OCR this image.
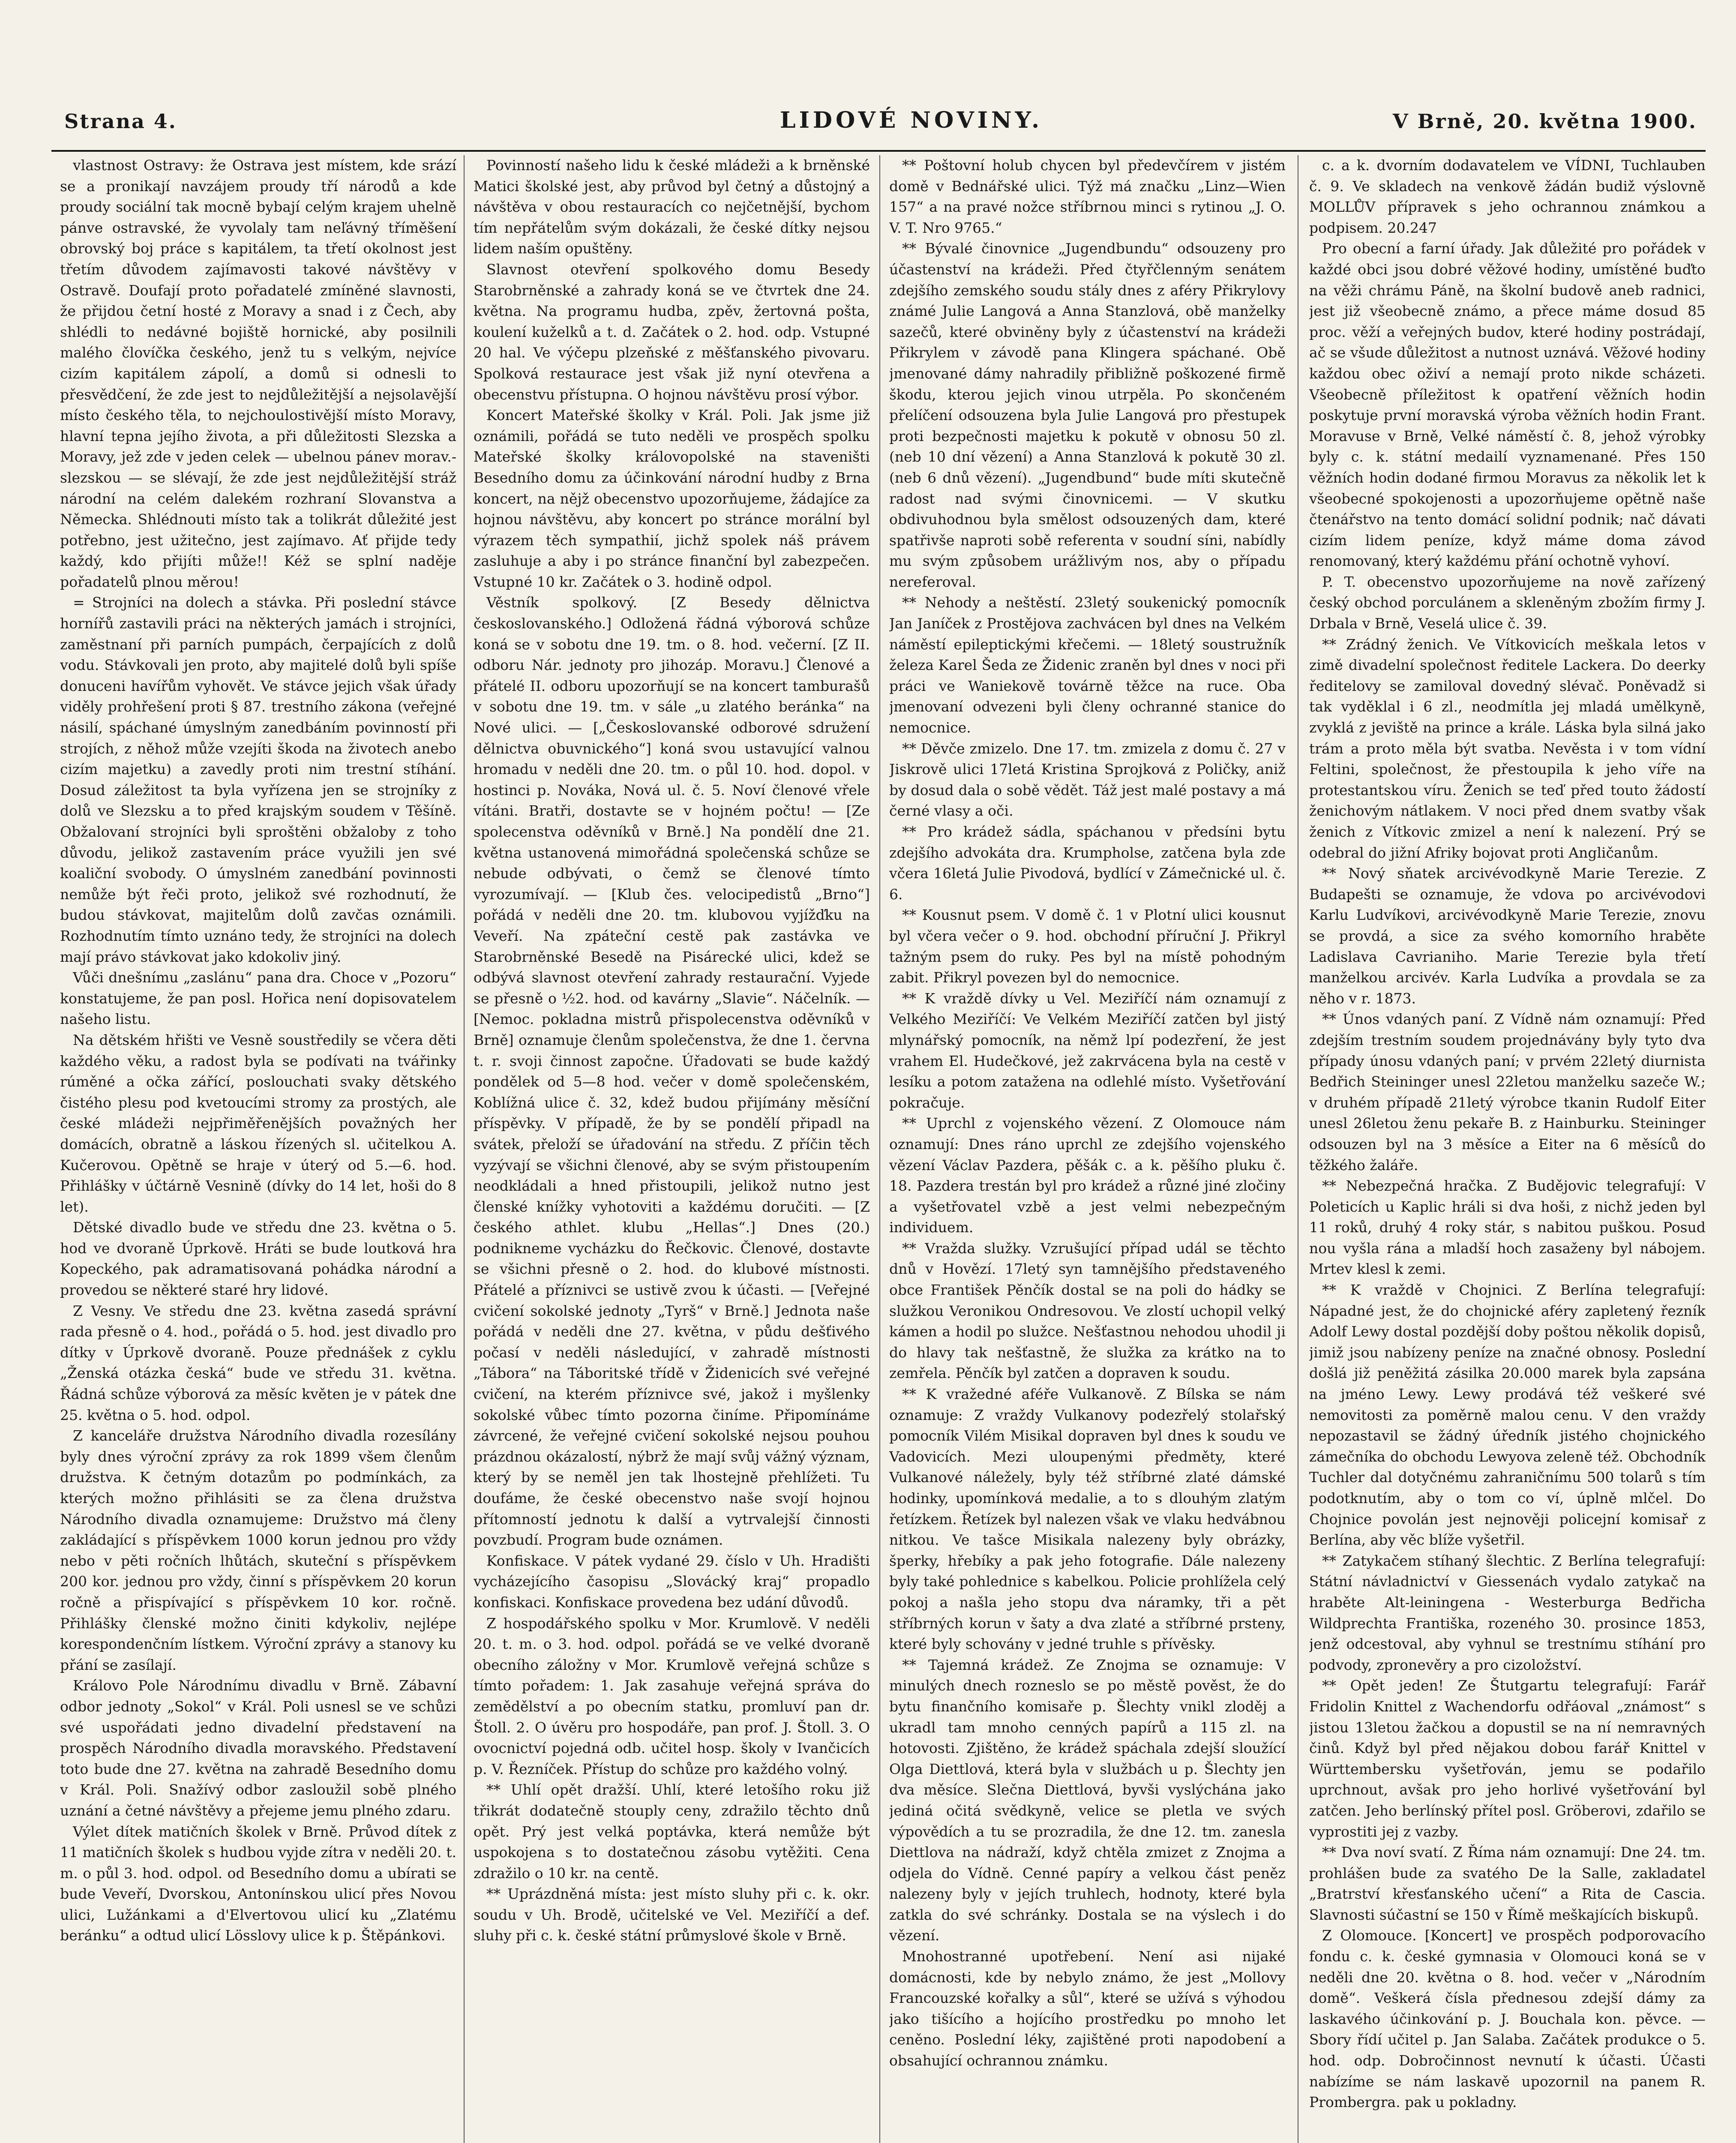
Strana 4.	LIDOVÉ NOVINY.	V Brně, 20. května 1900.

vlastnost Ostravy: že Ostrava jest místem, kde srází se a pronikají navzájem proudy tří národů a kde proudy sociální tak mocně bybají celým krajem uhelně pánve ostravské, že vyvolaly tam neľávný tříměšení obrovský boj práce s kapitálem, ta třetí okolnost jest třetím důvodem zajímavosti takové návštěvy v Ostravě. Doufají proto pořadatelé zmíněné slavnosti, že přijdou četní hosté z Moravy a snad i z Čech, aby shlédli to nedávné bojiště hornické, aby posilnili malého človíčka českého, jenž tu s velkým, nejvíce cizím kapitálem zápolí, a domů si odnesli to přesvědčení, že zde jest to nejdůležitější a nejsolavější místo českého těla, to nejchoulostivější místo Moravy, hlavní tepna jejího života, a při důležitosti Slezska a Moravy, jež zde v jeden celek — ubelnou pánev morav.-slezskou — se slévají, že zde jest nejdůležitější stráž národní na celém dalekém rozhraní Slovanstva a Německa. Shlédnouti místo tak a tolikrát důležité jest potřebno, jest užitečno, jest zajímavo. Ať přijde tedy každý, kdo přijíti může!! Kéž se splní naděje pořadatelů plnou měrou!

= Strojníci na dolech a stávka. Při poslední stávce hornířů zastavili práci na některých jamách i strojníci, zaměstnaní při parních pumpách, čerpajících z dolů vodu. Stávkovali jen proto, aby majitelé dolů byli spíše donuceni havířům vyhovět. Ve stávce jejich však úřady viděly prohřešení proti § 87. trestního zákona (veřejné násilí, spáchané úmyslným zanedbáním povinností při strojích, z něhož může vzejíti škoda na životech anebo cizím majetku) a zavedly proti nim trestní stíhání. Dosud záležitost ta byla vyřízena jen se strojníky z dolů ve Slezsku a to před krajským soudem v Těšíně. Obžalovaní strojníci byli sproštěni obžaloby z toho důvodu, jelikož zastavením práce využili jen své koaliční svobody. O úmyslném zanedbání povinnosti nemůže být řeči proto, jelikož své rozhodnutí, že budou stávkovat, majitelům dolů zavčas oznámili. Rozhodnutím tímto uznáno tedy, že strojníci na dolech mají právo stávkovat jako kdokoliv jiný.

Vůči dnešnímu „zaslánu“ pana dra. Choce v „Pozoru“ konstatujeme, že pan posl. Hořica není dopisovatelem našeho listu.

Na dětském hřišti ve Vesně soustředily se včera děti každého věku, a radost byla se podívati na tvářinky rúměné a očka zářící, poslouchati svaky dětského čistého plesu pod kvetoucími stromy za prostých, ale české mládeži nejpřiměřenějších považných her domácích, obratně a láskou řízených sl. učitelkou A. Kučerovou. Opětně se hraje v úterý od 5.—6. hod. Přihlášky v účtárně Vesnině (dívky do 14 let, hoši do 8 let).

Dětské divadlo bude ve středu dne 23. května o 5. hod ve dvoraně Úprkově. Hráti se bude loutková hra Kopeckého, pak adramatisovaná pohádka národní a provedou se některé staré hry lidové.

Z Vesny. Ve středu dne 23. května zasedá správní rada přesně o 4. hod., pořádá o 5. hod. jest divadlo pro dítky v Úprkově dvoraně. Pouze přednášek z cyklu „Ženská otázka česká“ bude ve středu 31. května. Řádná schůze výborová za měsíc květen je v pátek dne 25. května o 5. hod. odpol.

Z kanceláře družstva Národního divadla rozesílány byly dnes výroční zprávy za rok 1899 všem členům družstva. K četným dotazům po podmínkách, za kterých možno přihlásiti se za člena družstva Národního divadla oznamujeme: Družstvo má členy zakládající s příspěvkem 1000 korun jednou pro vždy nebo v pěti ročních lhůtách, skuteční s příspěvkem 200 kor. jednou pro vždy, činní s příspěvkem 20 korun ročně a přispívající s příspěvkem 10 kor. ročně. Přihlášky členské možno činiti kdykoliv, nejlépe korespondenčním lístkem. Výroční zprávy a stanovy ku přání se zasílají.

Královo Pole Národnímu divadlu v Brně. Zábavní odbor jednoty „Sokol“ v Král. Poli usnesl se ve schůzi své uspořádati jedno divadelní představení na prospěch Národního divadla moravského. Představení toto bude dne 27. května na zahradě Besedního domu v Král. Poli. Snažívý odbor zasloužil sobě plného uznání a četné návštěvy a přejeme jemu plného zdaru.

Výlet dítek matičních školek v Brně. Průvod dítek z 11 matičních školek s hudbou vyjde zítra v neděli 20. t. m. o půl 3. hod. odpol. od Besedního domu a ubírati se bude Veveří, Dvorskou, Antonínskou ulicí přes Novou ulici, Lužánkami a d'Elvertovou ulicí ku „Zlatému beránku“ a odtud ulicí Lösslovy ulice k p. Štěpánkovi.

Povinností našeho lidu k české mládeži a k brněnské Matici školské jest, aby průvod byl četný a důstojný a návštěva v obou restauracích co nejčetnější, bychom tím nepřátelům svým dokázali, že české dítky nejsou lidem naším opuštěny.

Slavnost otevření spolkového domu Besedy Starobrněnské a zahrady koná se ve čtvrtek dne 24. května. Na programu hudba, zpěv, žertovná pošta, koulení kuželků a t. d. Začátek o 2. hod. odp. Vstupné 20 hal. Ve výčepu plzeňské z měšťanského pivovaru. Spolková restaurace jest však již nyní otevřena a obecenstvu přístupna. O hojnou návštěvu prosí výbor.

Koncert Mateřské školky v Král. Poli. Jak jsme již oznámili, pořádá se tuto neděli ve prospěch spolku Mateřské školky královopolské na staveništi Besedního domu za účinkování národní hudby z Brna koncert, na nějž obecenstvo upozorňujeme, žádajíce za hojnou návštěvu, aby koncert po stránce morální byl výrazem těch sympathií, jichž spolek náš právem zasluhuje a aby i po stránce finanční byl zabezpečen. Vstupné 10 kr. Začátek o 3. hodině odpol.

Věstník spolkový. [Z Besedy dělnictva českoslovanského.] Odložená řádná výborová schůze koná se v sobotu dne 19. tm. o 8. hod. večerní. [Z II. odboru Nár. jednoty pro jihozáp. Moravu.] Členové a přátelé II. odboru upozorňují se na koncert tamburašů v sobotu dne 19. tm. v sále „u zlatého beránka“ na Nové ulici. — [„Českoslovanské odborové sdružení dělnictva obuvnického“] koná svou ustavující valnou hromadu v neděli dne 20. tm. o půl 10. hod. dopol. v hostinci p. Nováka, Nová ul. č. 5. Noví členové vřele vítáni. Bratři, dostavte se v hojném počtu! — [Ze spolecenstva oděvníků v Brně.] Na pondělí dne 21. května ustanovená mimořádná společenská schůze se nebude odbývati, o čemž se členové tímto vyrozumívají. — [Klub čes. velocipedistů „Brno“] pořádá v neděli dne 20. tm. klubovou vyjížďku na Veveří. Na zpáteční cestě pak zastávka ve Starobrněnské Besedě na Pisárecké ulici, kdež se odbývá slavnost otevření zahrady restaurační. Vyjede se přesně o ½2. hod. od kavárny „Slavie“. Náčelník. — [Nemoc. pokladna mistrů přispolecenstva oděvníků v Brně] oznamuje členům společenstva, že dne 1. června t. r. svoji činnost započne. Úřadovati se bude každý pondělek od 5—8 hod. večer v domě společenském, Koblížná ulice č. 32, kdež budou přijímány měsíční příspěvky. V případě, že by se pondělí připadl na svátek, přeloží se úřadování na středu. Z příčin těch vyzývají se všichni členové, aby se svým přistoupením neodkládali a hned přistoupili, jelikož nutno jest členské knížky vyhotoviti a každému doručiti. — [Z českého athlet. klubu „Hellas“.] Dnes (20.) podnikneme vycházku do Řečkovic. Členové, dostavte se všichni přesně o 2. hod. do klubové místnosti. Přátelé a příznivci se ustivě zvou k účasti. — [Veřejné cvičení sokolské jednoty „Tyrš“ v Brně.] Jednota naše pořádá v neděli dne 27. května, v půdu dešťivého počasí v neděli následující, v zahradě místnosti „Tábora“ na Táboritské třídě v Židenicích své veřejné cvičení, na kterém příznivce své, jakož i myšlenky sokolské vůbec tímto pozorna činíme. Připomínáme závrcené, že veřejné cvičení sokolské nejsou pouhou prázdnou okázalostí, nýbrž že mají svůj vážný význam, který by se neměl jen tak lhostejně přehlížeti. Tu doufáme, že české obecenstvo naše svojí hojnou přítomností jednotu k další a vytrvalejší činnosti povzbudí. Program bude oznámen.

Konfiskace. V pátek vydané 29. číslo v Uh. Hradišti vycházejícího časopisu „Slovácký kraj“ propadlo konfiskaci. Konfiskace provedena bez udání důvodů.

Z hospodářského spolku v Mor. Krumlově. V neděli 20. t. m. o 3. hod. odpol. pořádá se ve velké dvoraně obecního záložny v Mor. Krumlově veřejná schůze s tímto pořadem: 1. Jak zasahuje veřejná správa do zemědělství a po obecním statku, promluví pan dr. Štoll. 2. O úvěru pro hospodáře, pan prof. J. Štoll. 3. O ovocnictví pojedná odb. učitel hosp. školy v Ivančicích p. V. Řezníček. Přístup do schůze pro každého volný.

** Uhlí opět dražší. Uhlí, které letošího roku již třikrát dodatečně stouply ceny, zdražilo těchto dnů opět. Prý jest velká poptávka, která nemůže být uspokojena s to dostatečnou zásobu vytěžiti. Cena zdražilo o 10 kr. na centě.

** Uprázdněná místa: jest místo sluhy při c. k. okr. soudu v Uh. Brodě, učitelské ve Vel. Meziříčí a def. sluhy při c. k. české státní průmyslové škole v Brně.

** Poštovní holub chycen byl předevčírem v jistém domě v Bednářské ulici. Týž má značku „Linz—Wien 157“ a na pravé nožce stříbrnou minci s rytinou „J. O. V. T. Nro 9765.“

** Bývalé činovnice „Jugendbundu“ odsouzeny pro účastenství na krádeži. Před čtyřčlenným senátem zdejšího zemského soudu stály dnes z aféry Přikrylovy známé Julie Langová a Anna Stanzlová, obě manželky sazečů, které obviněny byly z účastenství na krádeži Přikrylem v závodě pana Klingera spáchané. Obě jmenované dámy nahradily přibližně poškozené firmě škodu, kterou jejich vinou utrpěla. Po skončeném přelíčení odsouzena byla Julie Langová pro přestupek proti bezpečnosti majetku k pokutě v obnosu 50 zl. (neb 10 dní vězení) a Anna Stanzlová k pokutě 30 zl. (neb 6 dnů vězení). „Jugendbund“ bude míti skutečně radost nad svými činovnicemi. — V skutku obdivuhodnou byla smělost odsouzených dam, které spatřivše naproti sobě referenta v soudní síni, nabídly mu svým způsobem urážlivým nos, aby o případu nereferoval.

** Nehody a neštěstí. 23letý soukenický pomocník Jan Janíček z Prostějova zachvácen byl dnes na Velkém náměstí epileptickými křečemi. — 18letý soustružník železa Karel Šeda ze Židenic zraněn byl dnes v noci při práci ve Waniekově továrně těžce na ruce. Oba jmenovaní odvezeni byli členy ochranné stanice do nemocnice.

** Děvče zmizelo. Dne 17. tm. zmizela z domu č. 27 v Jiskrově ulici 17letá Kristina Sprojková z Poličky, aniž by dosud dala o sobě vědět. Táž jest malé postavy a má černé vlasy a oči.

** Pro krádež sádla, spáchanou v předsíni bytu zdejšího advokáta dra. Krumpholse, zatčena byla zde včera 16letá Julie Pivodová, bydlící v Zámečnické ul. č. 6.

** Kousnut psem. V domě č. 1 v Plotní ulici kousnut byl včera večer o 9. hod. obchodní příruční J. Přikryl tažným psem do ruky. Pes byl na místě pohodným zabit. Přikryl povezen byl do nemocnice.

** K vraždě dívky u Vel. Meziříčí nám oznamují z Velkého Meziříčí: Ve Velkém Meziříčí zatčen byl jistý mlynářský pomocník, na němž lpí podezření, že jest vrahem El. Hudečkové, jež zakrvácena byla na cestě v lesíku a potom zatažena na odlehlé místo. Vyšetřování pokračuje.

** Uprchl z vojenského vězení. Z Olomouce nám oznamují: Dnes ráno uprchl ze zdejšího vojenského vězení Václav Pazdera, pěšák c. a k. pěšího pluku č. 18. Pazdera trestán byl pro krádež a různé jiné zločiny a vyšetřovatel vzbě a jest velmi nebezpečným individuem.

** Vražda služky. Vzrušující případ udál se těchto dnů v Hovězí. 17letý syn tamnějšího představeného obce František Pěnčík dostal se na poli do hádky se služkou Veronikou Ondresovou. Ve zlostí uchopil velký kámen a hodil po služce. Nešťastnou nehodou uhodil ji do hlavy tak nešťastně, že služka za krátko na to zemřela. Pěnčík byl zatčen a dopraven k soudu.

** K vražedné aféře Vulkanově. Z Bílska se nám oznamuje: Z vraždy Vulkanovy podezřelý stolařský pomocník Vilém Misikal dopraven byl dnes k soudu ve Vadovicích. Mezi uloupenými předměty, které Vulkanové náležely, byly též stříbrné zlaté dámské hodinky, upomínková medalie, a to s dlouhým zlatým řetízkem. Řetízek byl nalezen však ve vlaku hedvábnou nitkou. Ve tašce Misikala nalezeny byly obrázky, šperky, hřebíky a pak jeho fotografie. Dále nalezeny byly také pohlednice s kabelkou. Policie prohlížela celý pokoj a našla jeho stopu dva náramky, tři a pět stříbrných korun v šaty a dva zlaté a stříbrné prsteny, které byly schovány v jedné truhle s přívěsky.

** Tajemná krádež. Ze Znojma se oznamuje: V minulých dnech rozneslo se po městě pověst, že do bytu finančního komisaře p. Šlechty vnikl zloděj a ukradl tam mnoho cenných papírů a 115 zl. na hotovosti. Zjištěno, že krádež spáchala zdejší sloužící Olga Diettlová, která byla v službách u p. Šlechty jen dva měsíce. Slečna Diettlová, byvši vyslýchána jako jediná očitá svědkyně, velice se pletla ve svých výpovědích a tu se prozradila, že dne 12. tm. zanesla Diettlova na nádraží, když chtěla zmizet z Znojma a odjela do Vídně. Cenné papíry a velkou část peněz nalezeny byly v jejích truhlech, hodnoty, které byla zatkla do své schránky. Dostala se na výslech i do vězení.

Mnohostranné upotřebení. Není asi nijaké domácnosti, kde by nebylo známo, že jest „Mollovy Francouzské kořalky a sůl“, které se užívá s výhodou jako tišícího a hojícího prostředku po mnoho let ceněno. Poslední léky, zajištěné proti napodobení a obsahující ochrannou známku.

c. a k. dvorním dodavatelem ve VÍDNI, Tuchlauben č. 9. Ve skladech na venkově žádán budiž výslovně MOLLŮV přípravek s jeho ochrannou známkou a podpisem. 20.247

Pro obecní a farní úřady. Jak důležité pro pořádek v každé obci jsou dobré věžové hodiny, umístěné buďto na věži chrámu Páně, na školní budově aneb radnici, jest již všeobecně známo, a přece máme dosud 85 proc. věží a veřejných budov, které hodiny postrádají, ač se všude důležitost a nutnost uznává. Věžové hodiny každou obec oživí a nemají proto nikde scházeti. Všeobecně příležitost k opatření věžních hodin poskytuje první moravská výroba věžních hodin Frant. Moravuse v Brně, Velké náměstí č. 8, jehož výrobky byly c. k. státní medailí vyznamenané. Přes 150 věžních hodin dodané firmou Moravus za několik let k všeobecné spokojenosti a upozorňujeme opětně naše čtenářstvo na tento domácí solidní podnik; nač dávati cizím lidem peníze, když máme doma závod renomovaný, který každému přání ochotně vyhoví.

P. T. obecenstvo upozorňujeme na nově zařízený český obchod porculánem a skleněným zbožím firmy J. Drbala v Brně, Veselá ulice č. 39.

** Zrádný ženich. Ve Vítkovicích meškala letos v zimě divadelní společnost ředitele Lackera. Do deerky ředitelovy se zamiloval dovedný slévač. Poněvadž si tak vyděklal i 6 zl., neodmítla jej mladá umělkyně, zvyklá z jeviště na prince a krále. Láska byla silná jako trám a proto měla být svatba. Nevěsta i v tom vídní Feltini, společnost, že přestoupila k jeho víře na protestantskou víru. Ženich se teď před touto žádostí ženichovým nátlakem. V noci před dnem svatby však ženich z Vítkovic zmizel a není k nalezení. Prý se odebral do jižní Afriky bojovat proti Angličanům.

** Nový sňatek arcivévodkyně Marie Terezie. Z Budapešti se oznamuje, že vdova po arcivévodovi Karlu Ludvíkovi, arcivévodkyně Marie Terezie, znovu se provdá, a sice za svého komorního hraběte Ladislava Cavrianiho. Marie Terezie byla třetí manželkou arcivév. Karla Ludvíka a provdala se za něho v r. 1873.

** Únos vdaných paní. Z Vídně nám oznamují: Před zdejším trestním soudem projednávány byly tyto dva případy únosu vdaných paní; v prvém 22letý diurnista Bedřich Steininger unesl 22letou manželku sazeče W.; v druhém případě 21letý výrobce tkanin Rudolf Eiter unesl 26letou ženu pekaře B. z Hainburku. Steininger odsouzen byl na 3 měsíce a Eiter na 6 měsíců do těžkého žaláře.

** Nebezpečná hračka. Z Budějovic telegrafují: V Poleticích u Kaplic hráli si dva hoši, z nichž jeden byl 11 roků, druhý 4 roky stár, s nabitou puškou. Posud nou vyšla rána a mladší hoch zasaženy byl nábojem. Mrtev klesl k zemi.

** K vraždě v Chojnici. Z Berlína telegrafují: Nápadné jest, že do chojnické aféry zapletený řezník Adolf Lewy dostal pozdější doby poštou několik dopisů, jimiž jsou nabízeny peníze na značné obnosy. Poslední došlá již peněžitá zásilka 20.000 marek byla zapsána na jméno Lewy. Lewy prodává též veškeré své nemovitosti za poměrně malou cenu. V den vraždy nepozastavil se žádný úředník jistého chojnického zámečníka do obchodu Lewyova zeleně též. Obchodník Tuchler dal dotyčnému zahraničnímu 500 tolarů s tím podotknutím, aby o tom co ví, úplně mlčel. Do Chojnice povolán jest nejnověji policejní komisař z Berlína, aby věc blíže vyšetřil.

** Zatykačem stíhaný šlechtic. Z Berlína telegrafují: Státní návladnictví v Giessenách vydalo zatykač na hraběte Alt-leiningena - Westerburga Bedřicha Wildprechta Františka, rozeného 30. prosince 1853, jenž odcestoval, aby vyhnul se trestnímu stíhání pro podvody, zpronevěry a pro cizoložství.

** Opět jeden! Ze Štutgartu telegrafují: Farář Fridolin Knittel z Wachendorfu odřáoval „známost“ s jistou 13letou žačkou a dopustil se na ní nemravných činů. Když byl před nějakou dobou farář Knittel v Württembersku vyšetřován, jemu se podařilo uprchnout, avšak pro jeho horlivé vyšetřování byl zatčen. Jeho berlínský přítel posl. Gröberovi, zdařilo se vyprostiti jej z vazby.

** Dva noví svatí. Z Říma nám oznamují: Dne 24. tm. prohlášen bude za svatého De la Salle, zakladatel „Bratrství křesťanského učení“ a Rita de Cascia. Slavnosti súčastní se 150 v Římě meškajících biskupů.

Z Olomouce. [Koncert] ve prospěch podporovacího fondu c. k. české gymnasia v Olomouci koná se v neděli dne 20. května o 8. hod. večer v „Národním domě“. Veškerá čísla přednesou zdejší dámy za laskavého účinkování p. J. Bouchala kon. pěvce. — Sbory řídí učitel p. Jan Salaba. Začátek produkce o 5. hod. odp. Dobročinnost nevnutí k účasti. Účasti nabízíme se nám laskavě upozornil na panem R. Prombergra. pak u pokladny.
